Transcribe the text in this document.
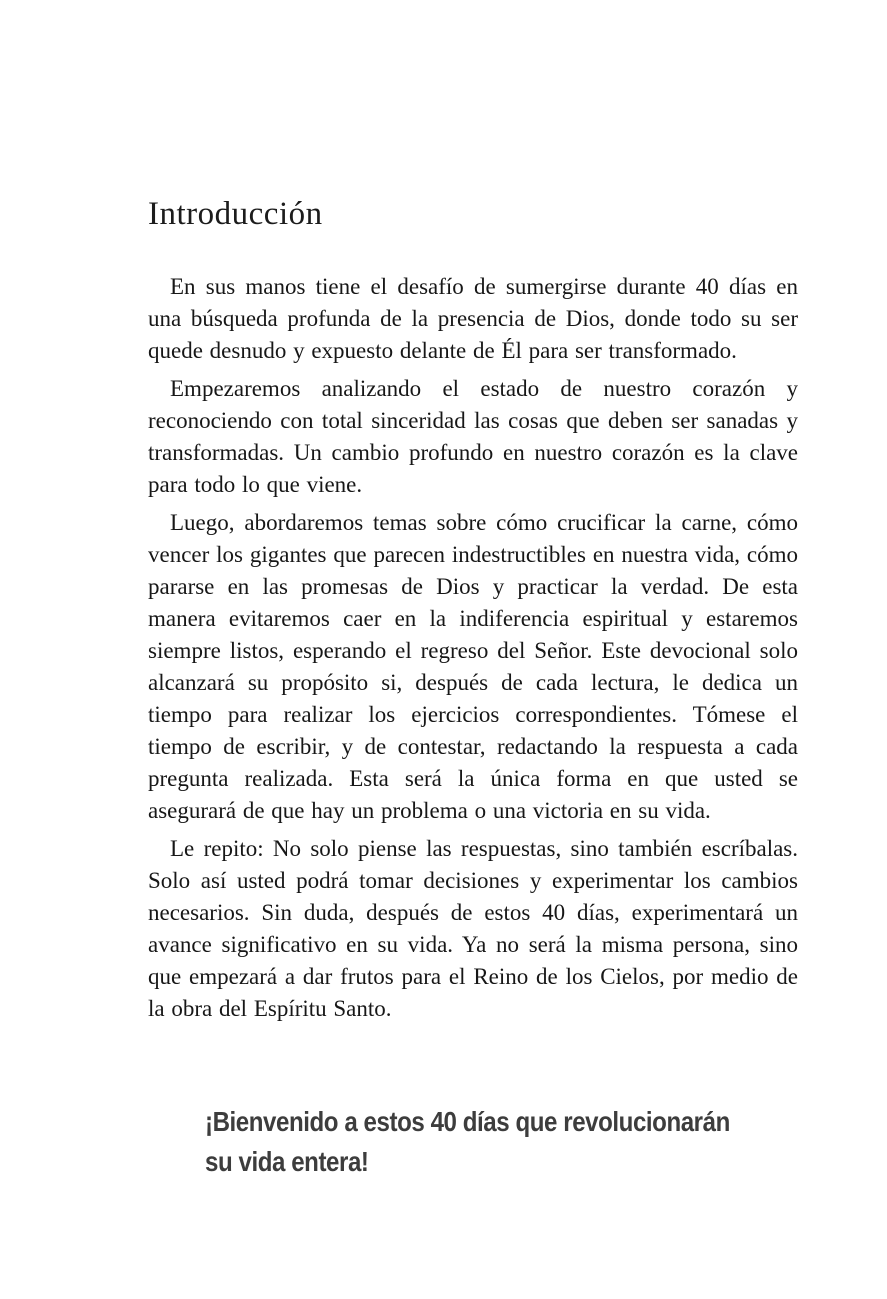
Introducción

En sus manos tiene el desafío de sumergirse durante 40 días en una búsqueda profunda de la presencia de Dios, donde todo su ser quede desnudo y expuesto delante de Él para ser transformado.

Empezaremos analizando el estado de nuestro corazón y reconociendo con total sinceridad las cosas que deben ser sanadas y transformadas. Un cambio profundo en nuestro corazón es la clave para todo lo que viene.

Luego, abordaremos temas sobre cómo crucificar la carne, cómo vencer los gigantes que parecen indestructibles en nuestra vida, cómo pararse en las promesas de Dios y practicar la verdad. De esta manera evitaremos caer en la indiferencia espiritual y estaremos siempre listos, esperando el regreso del Señor. Este devocional solo alcanzará su propósito si, después de cada lectura, le dedica un tiempo para realizar los ejercicios correspondientes. Tómese el tiempo de escribir, y de contestar, redactando la respuesta a cada pregunta realizada. Esta será la única forma en que usted se asegurará de que hay un problema o una victoria en su vida.

Le repito: No solo piense las respuestas, sino también escríbalas. Solo así usted podrá tomar decisiones y experimentar los cambios necesarios. Sin duda, después de estos 40 días, experimentará un avance significativo en su vida. Ya no será la misma persona, sino que empezará a dar frutos para el Reino de los Cielos, por medio de la obra del Espíritu Santo.

¡Bienvenido a estos 40 días que revolucionarán
su vida entera!
